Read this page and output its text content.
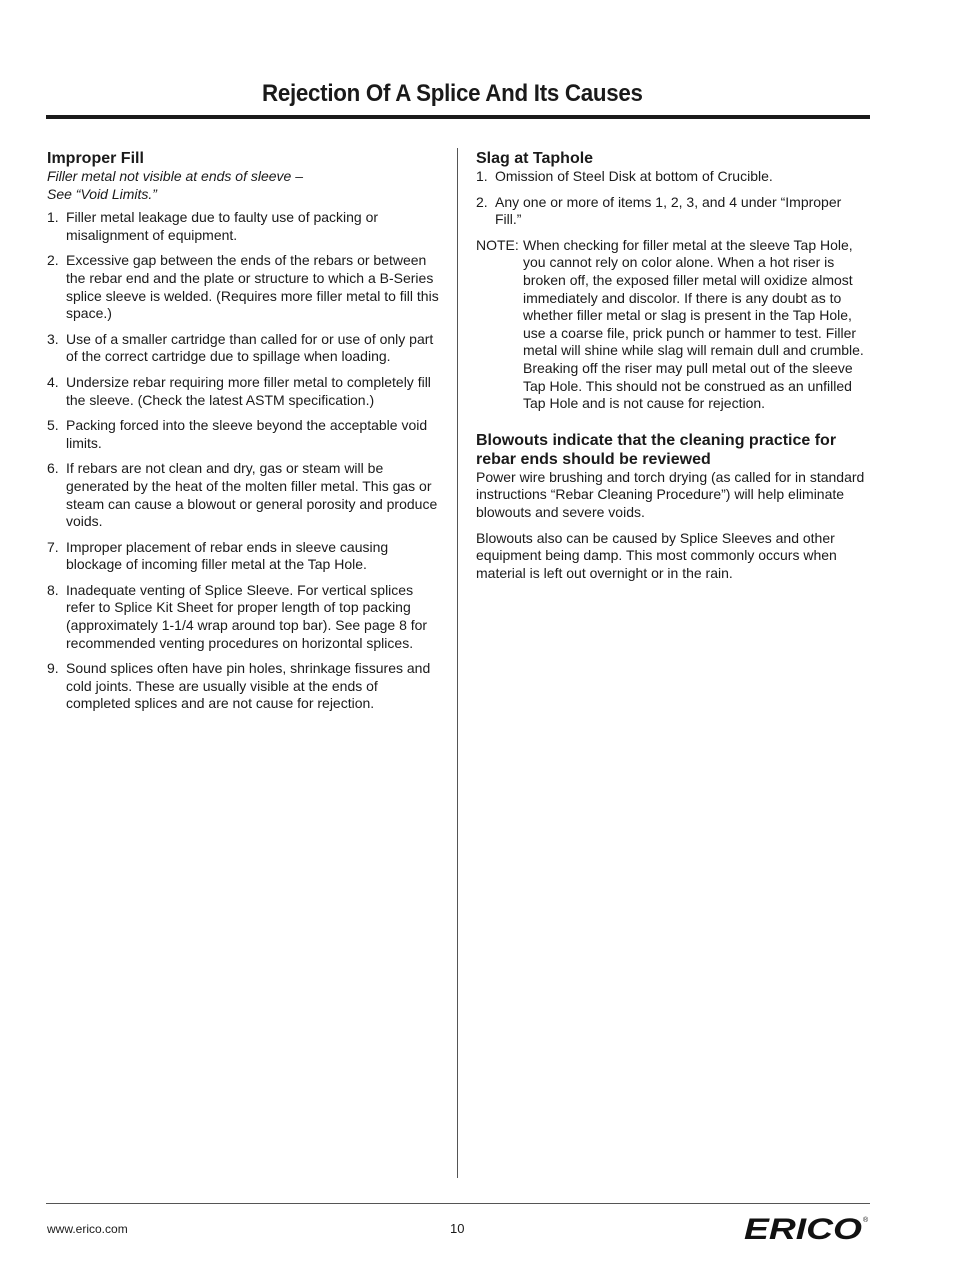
Rejection Of A Splice And Its Causes

Improper Fill

Filler metal not visible at ends of sleeve –
See “Void Limits.”

1. Filler metal leakage due to faulty use of packing or misalignment of equipment.
2. Excessive gap between the ends of the rebars or between the rebar end and the plate or structure to which a B-Series splice sleeve is welded. (Requires more filler metal to fill this space.)
3. Use of a smaller cartridge than called for or use of only part of the correct cartridge due to spillage when loading.
4. Undersize rebar requiring more filler metal to completely fill the sleeve. (Check the latest ASTM specification.)
5. Packing forced into the sleeve beyond the acceptable void limits.
6. If rebars are not clean and dry, gas or steam will be generated by the heat of the molten filler metal. This gas or steam can cause a blowout or general porosity and produce voids.
7. Improper placement of rebar ends in sleeve causing blockage of incoming filler metal at the Tap Hole.
8. Inadequate venting of Splice Sleeve. For vertical splices refer to Splice Kit Sheet for proper length of top packing (approximately 1-1/4 wrap around top bar). See page 8 for recommended venting procedures on horizontal splices.
9. Sound splices often have pin holes, shrinkage fissures and cold joints. These are usually visible at the ends of completed splices and are not cause for rejection.

Slag at Taphole

1. Omission of Steel Disk at bottom of Crucible.
2. Any one or more of items 1, 2, 3, and 4 under “Improper Fill.”
NOTE: When checking for filler metal at the sleeve Tap Hole, you cannot rely on color alone. When a hot riser is broken off, the exposed filler metal will oxidize almost immediately and discolor. If there is any doubt as to whether filler metal or slag is present in the Tap Hole, use a coarse file, prick punch or hammer to test. Filler metal will shine while slag will remain dull and crumble. Breaking off the riser may pull metal out of the sleeve Tap Hole. This should not be construed as an unfilled Tap Hole and is not cause for rejection.

Blowouts indicate that the cleaning practice for rebar ends should be reviewed

Power wire brushing and torch drying (as called for in standard instructions “Rebar Cleaning Procedure”) will help eliminate blowouts and severe voids.

Blowouts also can be caused by Splice Sleeves and other equipment being damp. This most commonly occurs when material is left out overnight or in the rain.

www.erico.com	10	ERICO ®
